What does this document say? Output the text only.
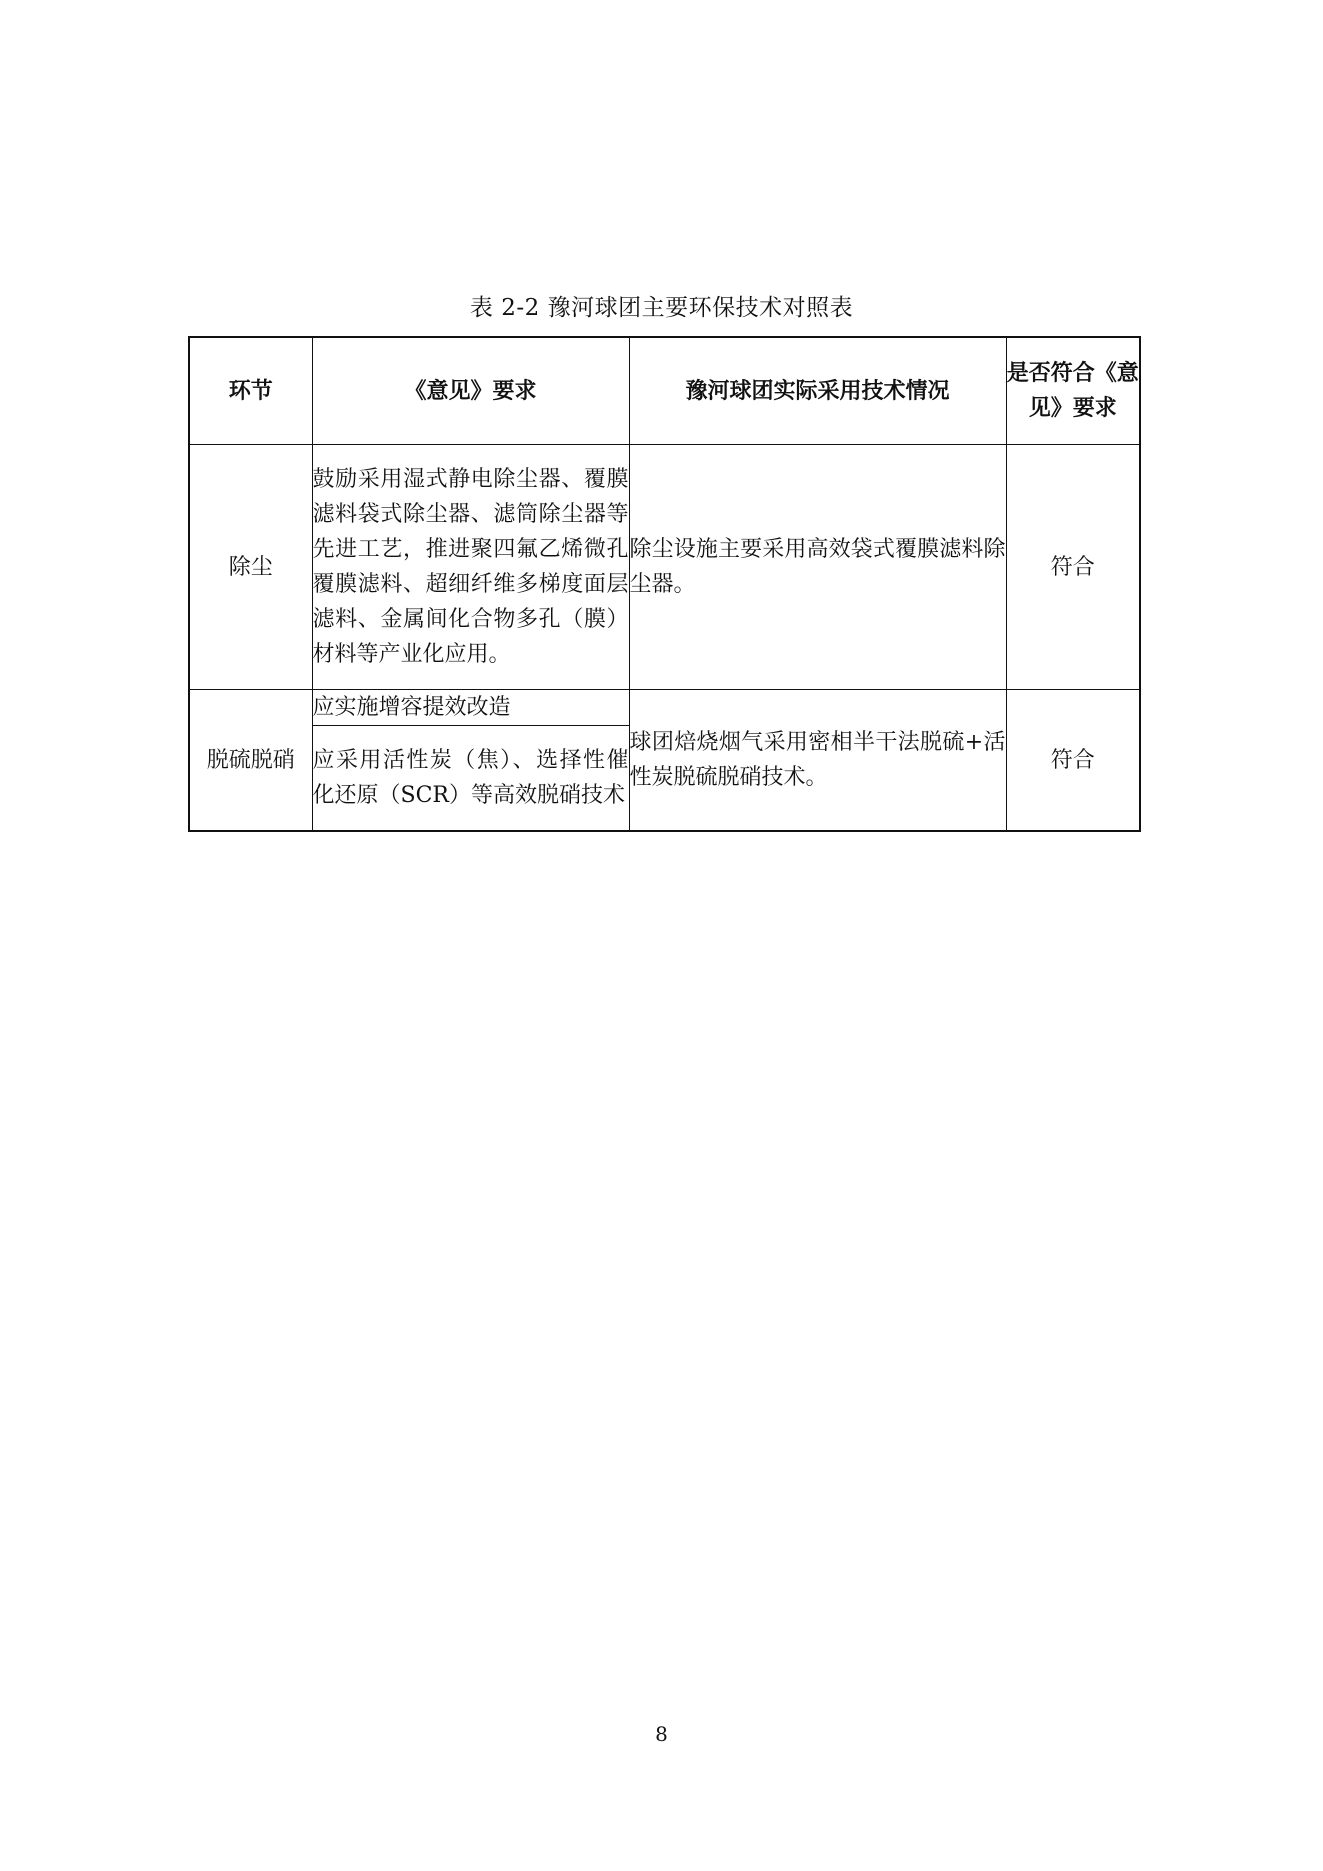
表 2-2 豫河球团主要环保技术对照表
环节	《意见》要求	豫河球团实际采用技术情况	是否符合《意见》要求
除尘	鼓励采用湿式静电除尘器、覆膜滤料袋式除尘器、滤筒除尘器等先进工艺，推进聚四氟乙烯微孔覆膜滤料、超细纤维多梯度面层滤料、金属间化合物多孔（膜）材料等产业化应用。	除尘设施主要采用高效袋式覆膜滤料除尘器。	符合
脱硫脱硝	应实施增容提效改造	球团焙烧烟气采用密相半干法脱硫+活性炭脱硫脱硝技术。	符合
	应采用活性炭（焦）、选择性催化还原（SCR）等高效脱硝技术		
8
